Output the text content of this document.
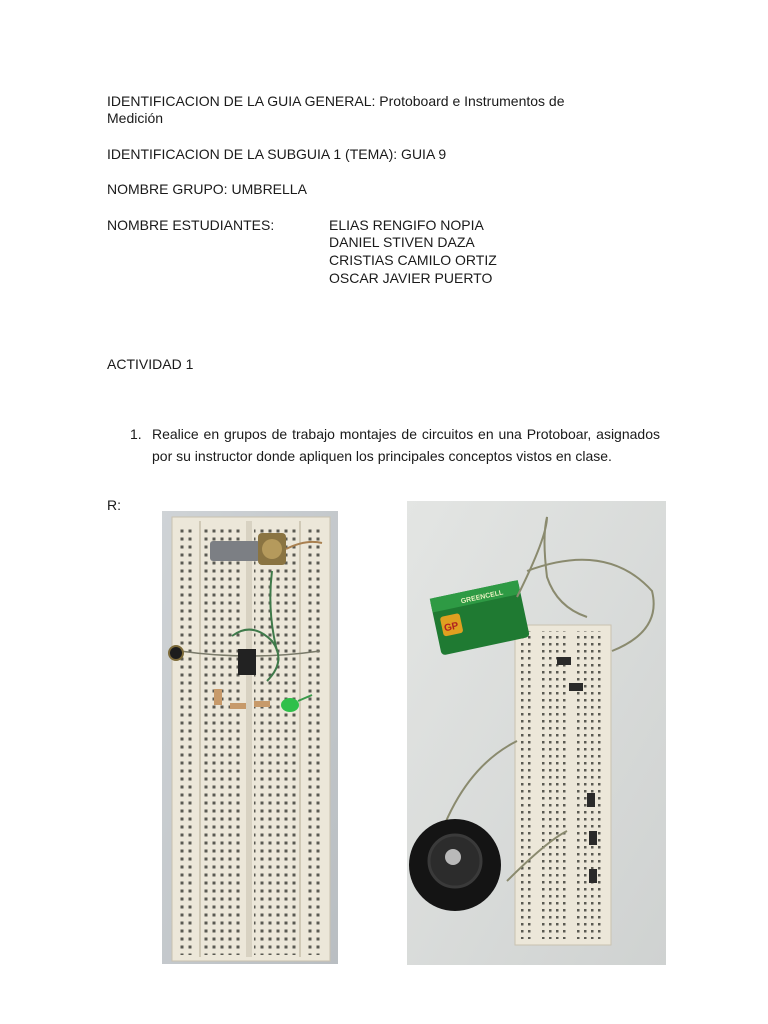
IDENTIFICACION DE LA GUIA GENERAL: Protoboard e Instrumentos de
Medición
IDENTIFICACION DE LA SUBGUIA 1 (TEMA): GUIA 9
NOMBRE GRUPO: UMBRELLA
NOMBRE ESTUDIANTES:	ELIAS RENGIFO NOPIA
DANIEL STIVEN DAZA
CRISTIAS CAMILO ORTIZ
OSCAR JAVIER PUERTO
ACTIVIDAD 1
1. Realice en grupos de trabajo montajes de circuitos en una Protoboar, asignados por su instructor donde apliquen los principales conceptos vistos en clase.
R:
GP
GREENCELL
